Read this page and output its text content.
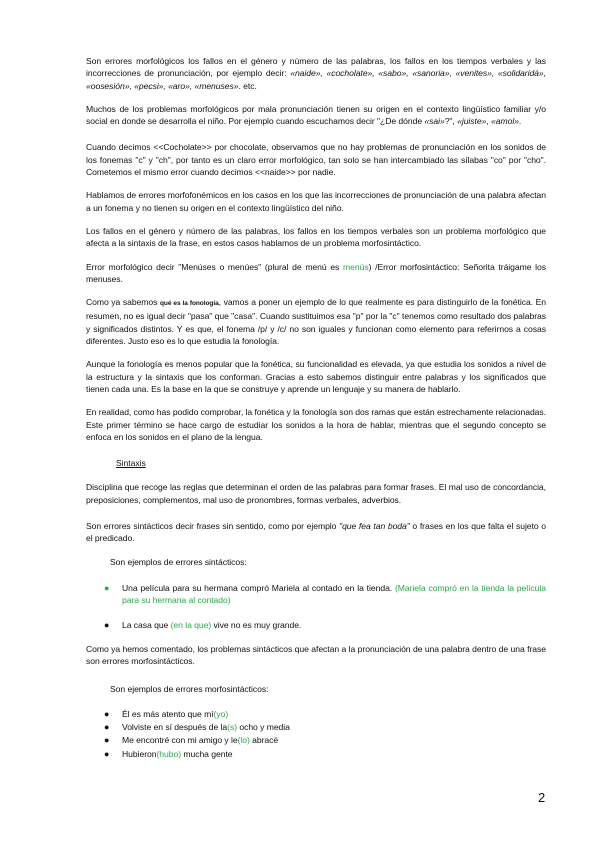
Son errores morfológicos los fallos en el género y número de las palabras, los fallos en los tiempos verbales y las incorrecciones de pronunciación, por ejemplo decir: «naide», «cocholate», «sabo», «sanoria», «venites», «solidaridá», «oosesión», «pecsi», «aro», «menuses». etc.

Muchos de los problemas morfológicos por mala pronunciación tienen su origen en el contexto lingüístico familiar y/o social en donde se desarrolla el niño. Por ejemplo cuando escuchamos decir "¿De dónde «sai»?", «juiste», «amol».

Cuando decimos <<Cocholate>> por chocolate, observamos que no hay problemas de pronunciación en los sonidos de los fonemas "c" y "ch", por tanto es un claro error morfológico, tan solo se han intercambiado las sílabas "co" por "cho". Cometemos el mismo error cuando decimos <<naide>> por nadie.

Hablamos de errores morfofonémicos en los casos en los que las incorrecciones de pronunciación de una palabra afectan a un fonema y no tienen su origen en el contexto lingüístico del niño.

Los fallos en el género y número de las palabras, los fallos en los tiempos verbales son un problema morfológico que afecta a la sintaxis de la frase, en estos casos hablamos de un problema morfosintáctico.

Error morfológico decir "Menúses o menúes" (plural de menú es menús) /Error morfosintáctico: Señorita tráigame los menuses.

Como ya sabemos qué es la fonología, vamos a poner un ejemplo de lo que realmente es para distinguirlo de la fonética. En resumen, no es igual decir "pasa" que "casa". Cuando sustituimos esa "p" por la "c" tenemos como resultado dos palabras y significados distintos. Y es que, el fonema /p/ y /c/ no son iguales y funcionan como elemento para referirnos a cosas diferentes. Justo eso es lo que estudia la fonología.

Aunque la fonología es menos popular que la fonética, su funcionalidad es elevada, ya que estudia los sonidos a nivel de la estructura y la sintaxis que los conforman. Gracias a esto sabemos distinguir entre palabras y los significados que tienen cada una. Es la base en la que se construye y aprende un lenguaje y su manera de hablarlo.

En realidad, como has podido comprobar, la fonética y la fonología son dos ramas que están estrechamente relacionadas. Este primer término se hace cargo de estudiar los sonidos a la hora de hablar, mientras que el segundo concepto se enfoca en los sonidos en el plano de la lengua.

Sintaxis

Disciplina que recoge las reglas que determinan el orden de las palabras para formar frases. El mal uso de concordancia, preposiciones, complementos, mal uso de pronombres, formas verbales, adverbios.

Son errores sintácticos decir frases sin sentido, como por ejemplo "que fea tan boda" o frases en los que falta el sujeto o el predicado.

Son ejemplos de errores sintácticos:

● Una película para su hermana compró Mariela al contado en la tienda. (Mariela compró en la tienda la película para su hermana al contado)
● La casa que (en la que) vive no es muy grande.

Como ya hemos comentado, los problemas sintácticos que afectan a la pronunciación de una palabra dentro de una frase son errores morfosintácticos.

Son ejemplos de errores morfosintácticos:

● Él es más atento que mí(yo)
● Volviste en sí después de la(s) ocho y media
● Me encontré con mi amigo y le(lo) abracé
● Hubieron(hubo) mucha gente
2
